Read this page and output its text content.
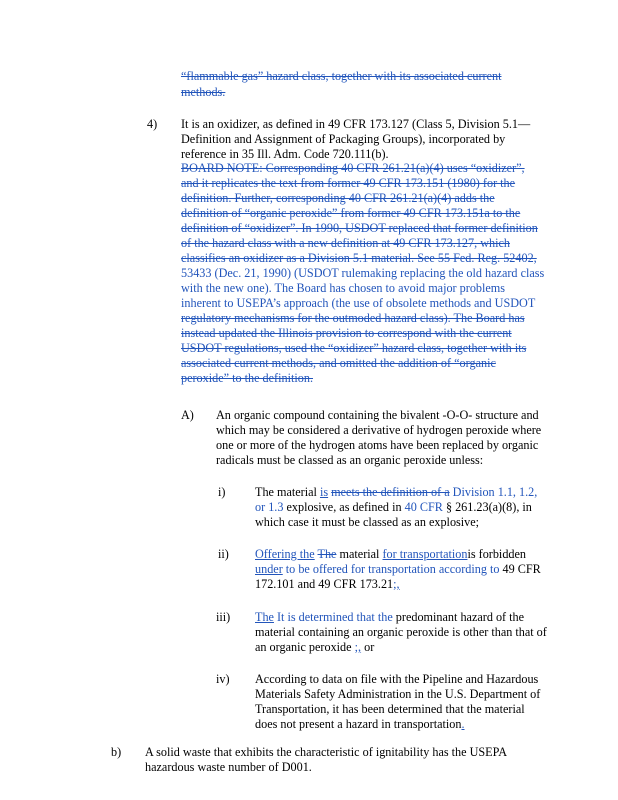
“flammable gas” hazard class, together with its associated current
methods.
4) It is an oxidizer, as defined in 49 CFR 173.127 (Class 5, Division 5.1—
Definition and Assignment of Packaging Groups), incorporated by
reference in 35 Ill. Adm. Code 720.111(b).
BOARD NOTE: Corresponding 40 CFR 261.21(a)(4) uses “oxidizer”,
and it replicates the text from former 49 CFR 173.151 (1980) for the
definition. Further, corresponding 40 CFR 261.21(a)(4) adds the
definition of “organic peroxide” from former 49 CFR 173.151a to the
definition of “oxidizer”. In 1990, USDOT replaced that former definition
of the hazard class with a new definition at 49 CFR 173.127, which
classifies an oxidizer as a Division 5.1 material. See 55 Fed. Reg. 52402,
53433 (Dec. 21, 1990) (USDOT rulemaking replacing the old hazard class
with the new one). The Board has chosen to avoid major problems
inherent to USEPA’s approach (the use of obsolete methods and USDOT
regulatory mechanisms for the outmoded hazard class). The Board has
instead updated the Illinois provision to correspond with the current
USDOT regulations, used the “oxidizer” hazard class, together with its
associated current methods, and omitted the addition of “organic
peroxide” to the definition.
A) An organic compound containing the bivalent -O-O- structure and
which may be considered a derivative of hydrogen peroxide where
one or more of the hydrogen atoms have been replaced by organic
radicals must be classed as an organic peroxide unless:
i) The material is meets the definition of a Division 1.1, 1.2,
or 1.3 explosive, as defined in 40 CFR § 261.23(a)(8), in
which case it must be classed as an explosive;
ii) Offering the The material for transportationis forbidden
under to be offered for transportation according to 49 CFR
172.101 and 49 CFR 173.21;,
iii) The It is determined that the predominant hazard of the
material containing an organic peroxide is other than that of
an organic peroxide ;, or
iv) According to data on file with the Pipeline and Hazardous
Materials Safety Administration in the U.S. Department of
Transportation, it has been determined that the material
does not present a hazard in transportation.
b) A solid waste that exhibits the characteristic of ignitability has the USEPA
hazardous waste number of D001.
